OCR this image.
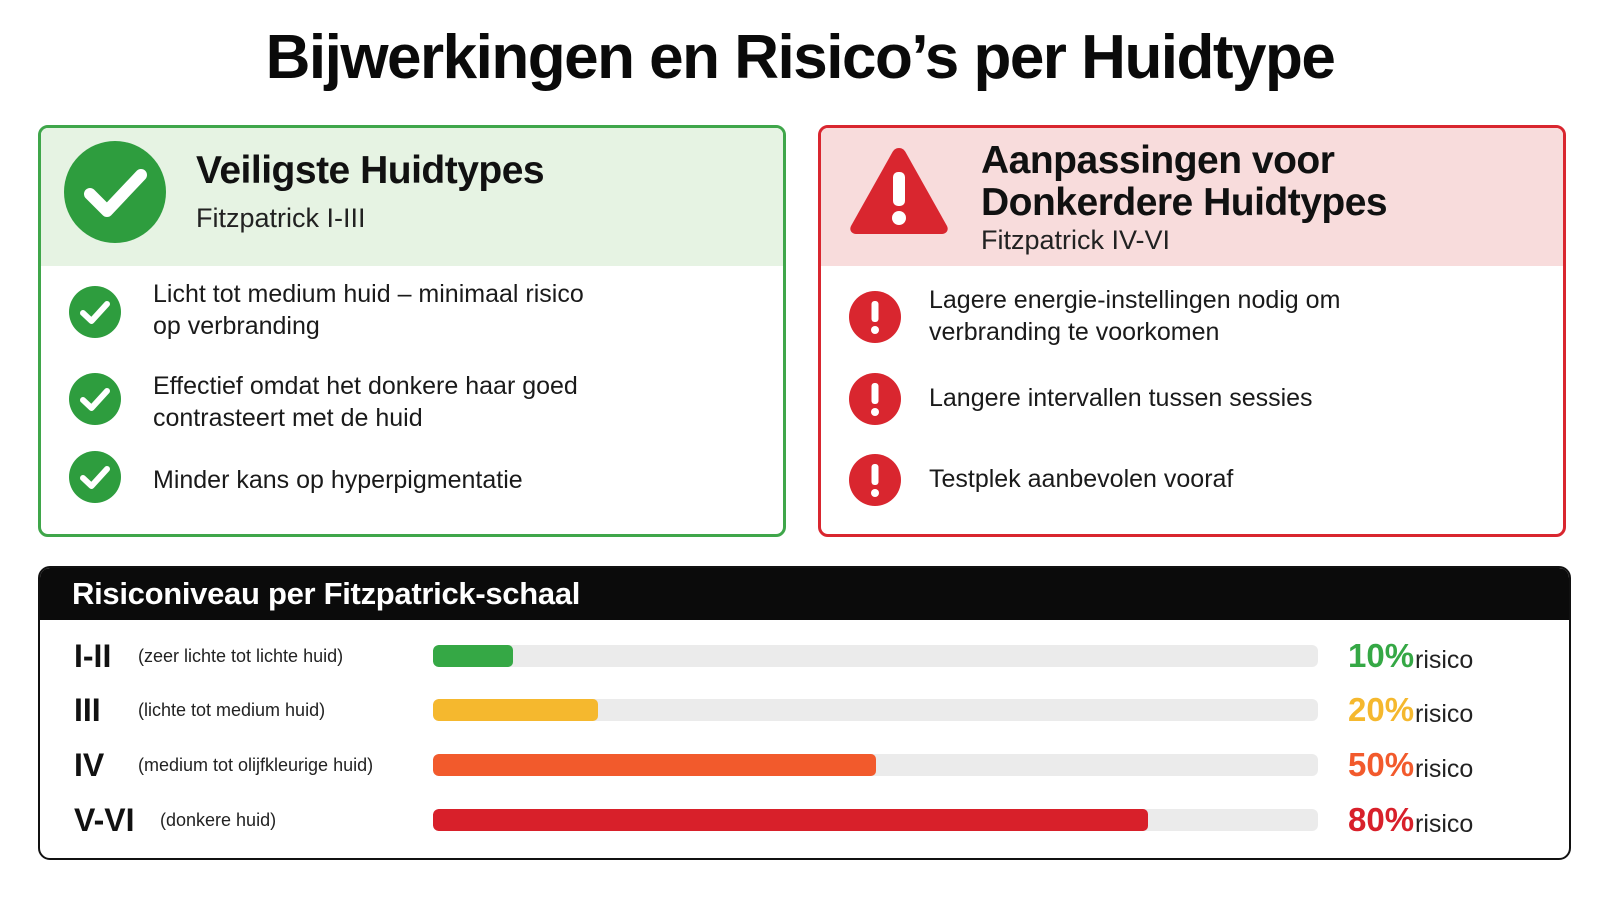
Bijwerkingen en Risico’s per Huidtype
Veiligste Huidtypes
Fitzpatrick I-III
Licht tot medium huid – minimaal risico
op verbranding
Effectief omdat het donkere haar goed
contrasteert met de huid
Minder kans op hyperpigmentatie
Aanpassingen voor
Donkerdere Huidtypes
Fitzpatrick IV-VI
Lagere energie-instellingen nodig om
verbranding te voorkomen
Langere intervallen tussen sessies
Testplek aanbevolen vooraf
Risiconiveau per Fitzpatrick-schaal
I-II (zeer lichte tot lichte huid)	10% risico
III (lichte tot medium huid)	20% risico
IV (medium tot olijfkleurige huid)	50% risico
V-VI (donkere huid)	80% risico
